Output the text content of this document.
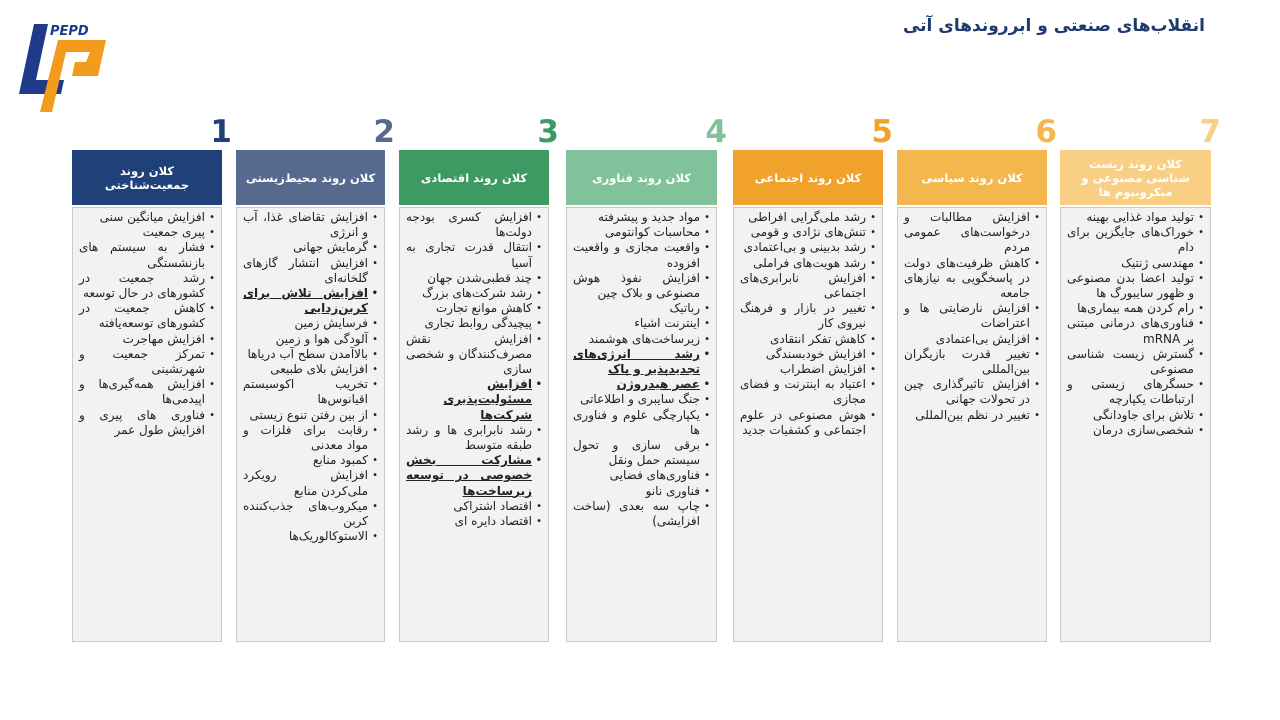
PEPD	انقلاب‌های صنعتی و ابرروندهای آتی
1
کلان روند جمعیت‌شناختی
• افزایش میانگین سنی
• پیری جمعیت
• فشار به سیستم های بازنشستگی
• رشد جمعیت در کشورهای در حال توسعه
• کاهش جمعیت در کشورهای توسعه‌یافته
• افزایش مهاجرت
• تمرکز جمعیت و شهرنشینی
• افزایش همه‌گیری‌ها و اپیدمی‌ها
• فناوری های پیری و افزایش طول عمر
2
کلان روند محیط‌زیستی
• افزایش تقاضای غذا، آب و انرژی
• گرمایش جهانی
• افزایش انتشار گازهای گلخانه‌ای
• افزایش تلاش برای کربن‌زدایی
• فرسایش زمین
• آلودگی هوا و زمین
• بالاآمدن سطح آب دریاها
• افزایش بلای طبیعی
• تخریب اکوسیستم اقیانوس‌ها
• از بین رفتن تنوع زیستی
• رقابت برای فلزات و مواد معدنی
• کمبود منابع
• افزایش رویکرد ملی‌کردن منابع
• میکروب‌های جذب‌کننده کربن
• الاستوکالوریک‌ها
3
کلان روند اقتصادی
• افزایش کسری بودجه دولت‌ها
• انتقال قدرت تجاری به آسیا
• چند قطبی‌شدن جهان
• رشد شرکت‌های بزرگ
• کاهش موانع تجارت
• پیچیدگی روابط تجاری
• افزایش نقش مصرف‌کنندگان و شخصی سازی
• افزایش مسئولیت‌پذیری شرکت‌ها
• رشد نابرابری ها و رشد طبقه متوسط
• مشارکت بخش خصوصی در توسعه زیرساخت‌ها
• اقتصاد اشتراکی
• اقتصاد دایره ای
4
کلان روند فناوری
• مواد جدید و پیشرفته
• محاسبات کوانتومی
• واقعیت مجازی و واقعیت افزوده
• افزایش نفوذ هوش مصنوعی و بلاک چین
• رباتیک
• اینترنت اشیاء
• زیرساخت‌های هوشمند
• رشد انرژی‌های تجدیدپذیر و پاک
• عصر هیدروژن
• جنگ سایبری و اطلاعاتی
• یکپارچگی علوم و فناوری ها
• برقی سازی و تحول سیستم حمل ونقل
• فناوری‌های فضایی
• فناوری نانو
• چاپ سه بعدی (ساخت افزایشی)
5
کلان روند اجتماعی
• رشد ملی‌گرایی افراطی
• تنش‌های نژادی و قومی
• رشد بدبینی و بی‌اعتمادی
• رشد هویت‌های فراملی
• افزایش نابرابری‌های اجتماعی
• تغییر در بازار و فرهنگ نیروی کار
• کاهش تفکر انتقادی
• افزایش خودبسندگی
• افزایش اضطراب
• اعتیاد به اینترنت و فضای مجازی
• هوش مصنوعی در علوم اجتماعی و کشفیات جدید
6
کلان روند سیاسی
• افزایش مطالبات و درخواست‌های عمومی مردم
• کاهش ظرفیت‌های دولت در پاسخگویی به نیازهای جامعه
• افزایش نارضایتی ها و اعتراضات
• افزایش بی‌اعتمادی
• تغییر قدرت بازیگران بین‌المللی
• افزایش تاثیرگذاری چین در تحولات جهانی
• تغییر در نظم بین‌المللی
7
کلان روند زیست شناسی مصنوعی و میکروبیوم ها
• تولید مواد غذایی بهینه
• خوراک‌های جایگزین برای دام
• مهندسی ژنتیک
• تولید اعضا بدن مصنوعی و ظهور سایبورگ ها
• رام کردن همه بیماری‌ها
• فناوری‌های درمانی مبتنی بر mRNA
• گسترش زیست شناسی مصنوعی
• حسگرهای زیستی و ارتباطات یکپارچه
• تلاش برای جاودانگی
• شخصی‌سازی درمان
